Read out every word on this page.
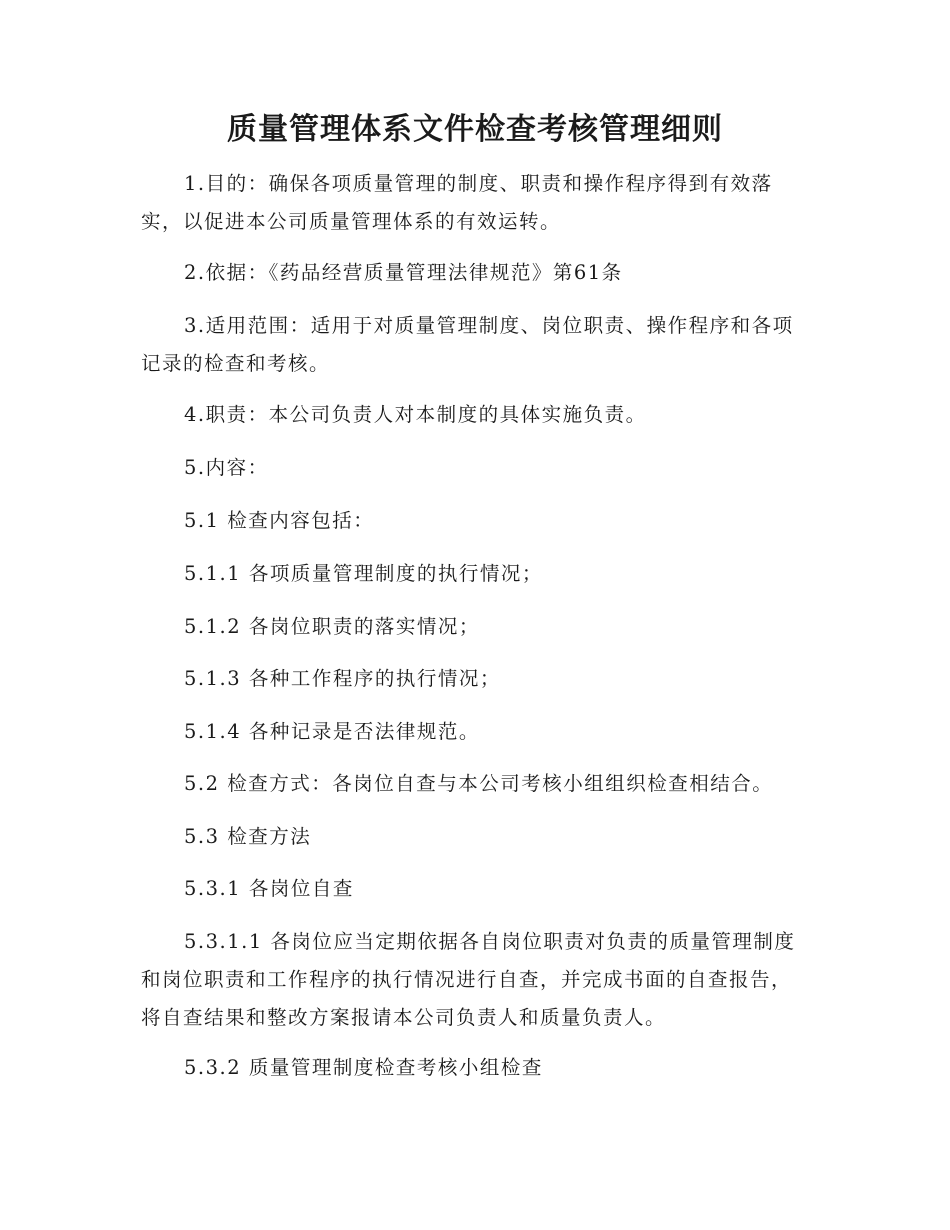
质量管理体系文件检查考核管理细则

1.目的：确保各项质量管理的制度、职责和操作程序得到有效落实，以促进本公司质量管理体系的有效运转。

2.依据：《药品经营质量管理法律规范》第61条

3.适用范围：适用于对质量管理制度、岗位职责、操作程序和各项记录的检查和考核。

4.职责：本公司负责人对本制度的具体实施负责。

5.内容：

5.1 检查内容包括：

5.1.1 各项质量管理制度的执行情况；

5.1.2 各岗位职责的落实情况；

5.1.3 各种工作程序的执行情况；

5.1.4 各种记录是否法律规范。

5.2 检查方式：各岗位自查与本公司考核小组组织检查相结合。

5.3 检查方法

5.3.1 各岗位自查

5.3.1.1 各岗位应当定期依据各自岗位职责对负责的质量管理制度和岗位职责和工作程序的执行情况进行自查，并完成书面的自查报告，将自查结果和整改方案报请本公司负责人和质量负责人。

5.3.2 质量管理制度检查考核小组检查
